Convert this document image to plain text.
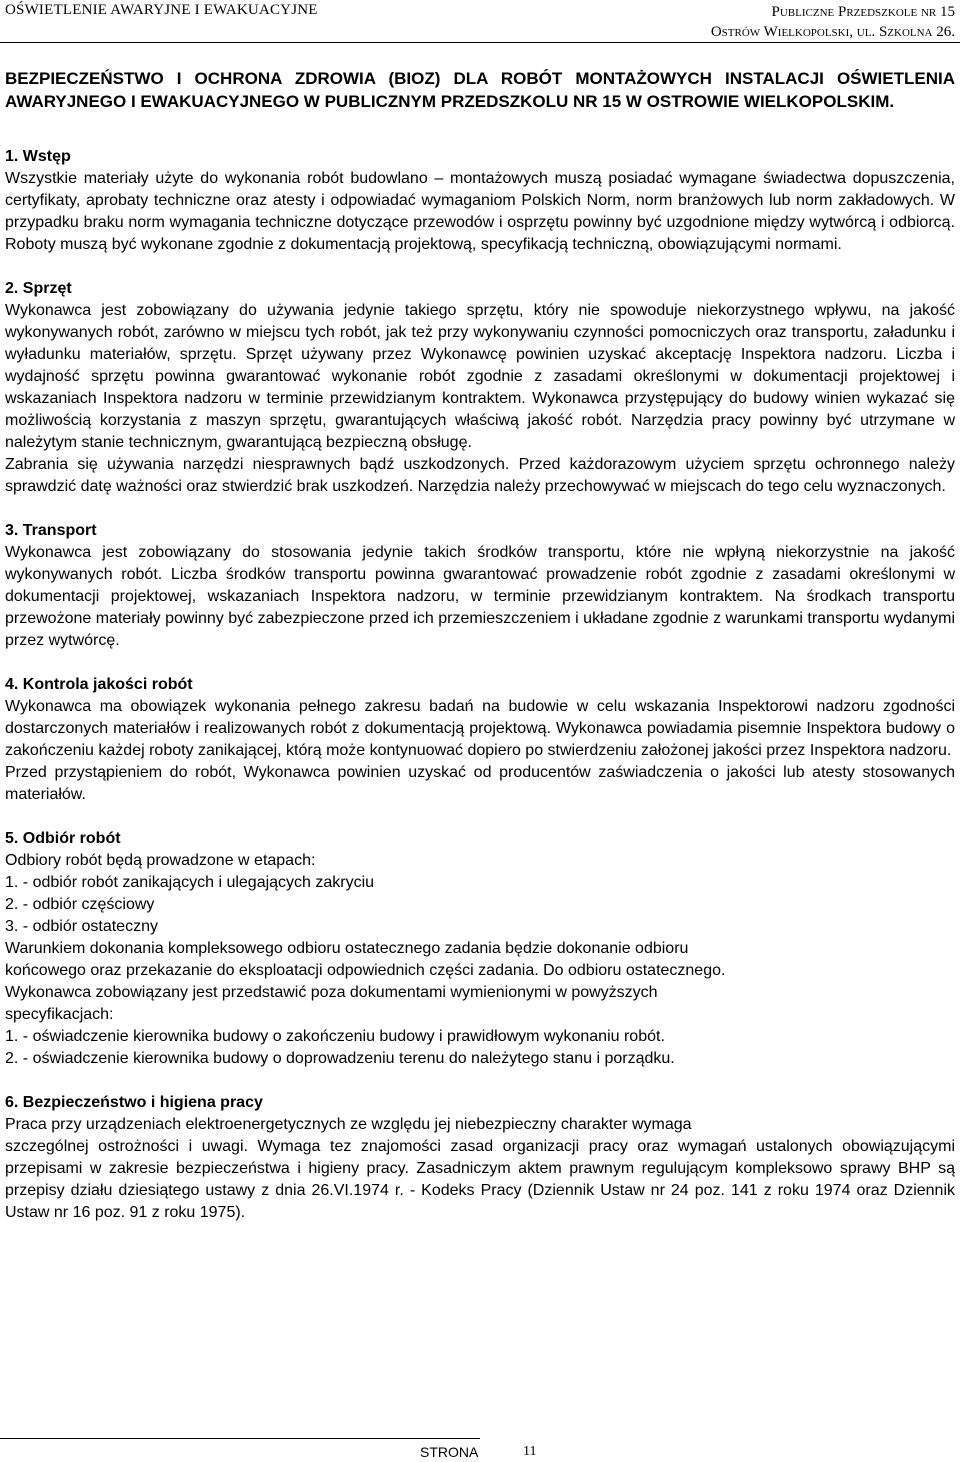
OŚWIETLENIE AWARYJNE I EWAKUACYJNE	Publiczne Przedszkole nr 15
Ostrów Wielkopolski, ul. Szkolna 26.

BEZPIECZEŃSTWO I OCHRONA ZDROWIA (BIOZ) DLA ROBÓT MONTAŻOWYCH INSTALACJI OŚWIETLENIA AWARYJNEGO I EWAKUACYJNEGO W PUBLICZNYM PRZEDSZKOLU NR 15 W OSTROWIE WIELKOPOLSKIM.

1. Wstęp

Wszystkie materiały użyte do wykonania robót budowlano – montażowych muszą posiadać wymagane świadectwa dopuszczenia, certyfikaty, aprobaty techniczne oraz atesty i odpowiadać wymaganiom Polskich Norm, norm branżowych lub norm zakładowych. W przypadku braku norm wymagania techniczne dotyczące przewodów i osprzętu powinny być uzgodnione między wytwórcą i odbiorcą. Roboty muszą być wykonane zgodnie z dokumentacją projektową, specyfikacją techniczną, obowiązującymi normami.

2. Sprzęt

Wykonawca jest zobowiązany do używania jedynie takiego sprzętu, który nie spowoduje niekorzystnego wpływu, na jakość wykonywanych robót, zarówno w miejscu tych robót, jak też przy wykonywaniu czynności pomocniczych oraz transportu, załadunku i wyładunku materiałów, sprzętu. Sprzęt używany przez Wykonawcę powinien uzyskać akceptację Inspektora nadzoru. Liczba i wydajność sprzętu powinna gwarantować wykonanie robót zgodnie z zasadami określonymi w dokumentacji projektowej i wskazaniach Inspektora nadzoru w terminie przewidzianym kontraktem. Wykonawca przystępujący do budowy winien wykazać się możliwością korzystania z maszyn sprzętu, gwarantujących właściwą jakość robót. Narzędzia pracy powinny być utrzymane w należytym stanie technicznym, gwarantującą bezpieczną obsługę.

Zabrania się używania narzędzi niesprawnych bądź uszkodzonych. Przed każdorazowym użyciem sprzętu ochronnego należy sprawdzić datę ważności oraz stwierdzić brak uszkodzeń. Narzędzia należy przechowywać w miejscach do tego celu wyznaczonych.

3. Transport

Wykonawca jest zobowiązany do stosowania jedynie takich środków transportu, które nie wpłyną niekorzystnie na jakość wykonywanych robót. Liczba środków transportu powinna gwarantować prowadzenie robót zgodnie z zasadami określonymi w dokumentacji projektowej, wskazaniach Inspektora nadzoru, w terminie przewidzianym kontraktem. Na środkach transportu przewożone materiały powinny być zabezpieczone przed ich przemieszczeniem i układane zgodnie z warunkami transportu wydanymi przez wytwórcę.

4. Kontrola jakości robót

Wykonawca ma obowiązek wykonania pełnego zakresu badań na budowie w celu wskazania Inspektorowi nadzoru zgodności dostarczonych materiałów i realizowanych robót z dokumentacją projektową. Wykonawca powiadamia pisemnie Inspektora budowy o zakończeniu każdej roboty zanikającej, którą może kontynuować dopiero po stwierdzeniu założonej jakości przez Inspektora nadzoru.

Przed przystąpieniem do robót, Wykonawca powinien uzyskać od producentów zaświadczenia o jakości lub atesty stosowanych materiałów.

5. Odbiór robót

Odbiory robót będą prowadzone w etapach:

1. - odbiór robót zanikających i ulegających zakryciu

2. - odbiór częściowy

3. - odbiór ostateczny

Warunkiem dokonania kompleksowego odbioru ostatecznego zadania będzie dokonanie odbioru

końcowego oraz przekazanie do eksploatacji odpowiednich części zadania. Do odbioru ostatecznego.

Wykonawca zobowiązany jest przedstawić poza dokumentami wymienionymi w powyższych

specyfikacjach:

1. - oświadczenie kierownika budowy o zakończeniu budowy i prawidłowym wykonaniu robót.

2. - oświadczenie kierownika budowy o doprowadzeniu terenu do należytego stanu i porządku.

6. Bezpieczeństwo i higiena pracy

Praca przy urządzeniach elektroenergetycznych ze względu jej niebezpieczny charakter wymaga

szczególnej ostrożności i uwagi. Wymaga tez znajomości zasad organizacji pracy oraz wymagań ustalonych obowiązującymi przepisami w zakresie bezpieczeństwa i higieny pracy. Zasadniczym aktem prawnym regulującym kompleksowo sprawy BHP są przepisy działu dziesiątego ustawy z dnia 26.VI.1974 r. - Kodeks Pracy (Dziennik Ustaw nr 24 poz. 141 z roku 1974 oraz Dziennik Ustaw nr 16 poz. 91 z roku 1975).

STRONA	11
